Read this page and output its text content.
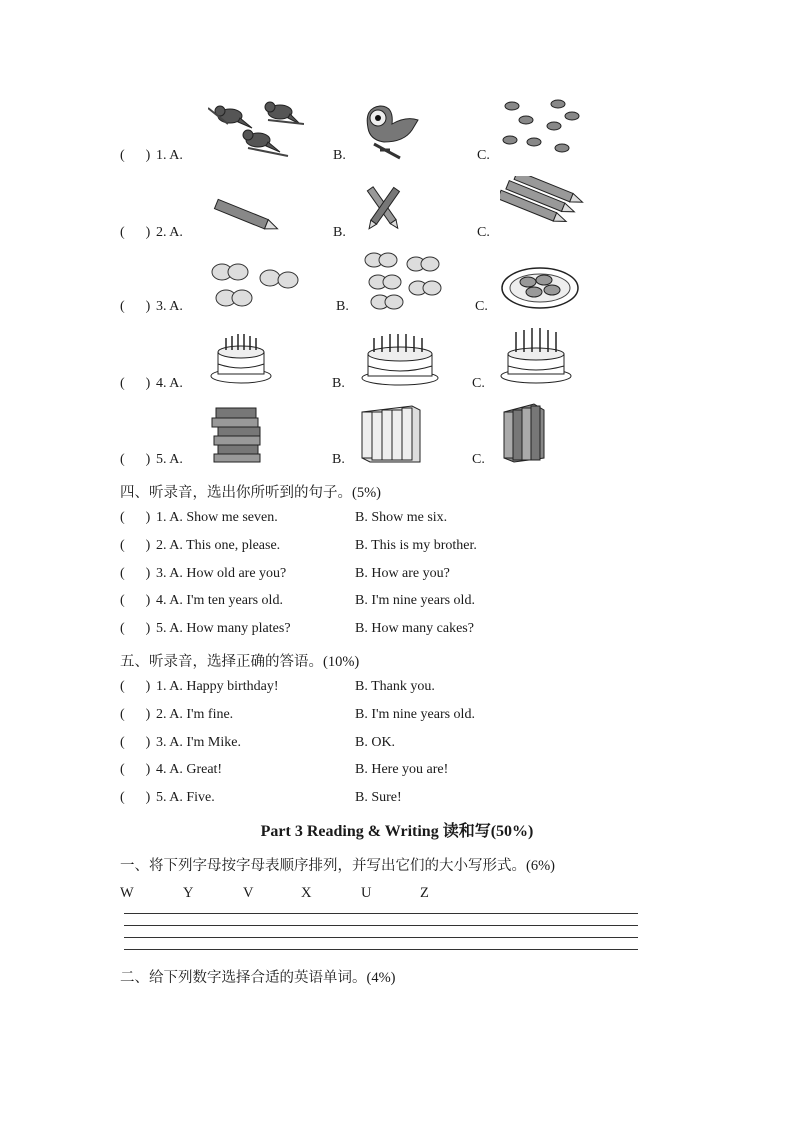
(      ) 1. A.	B.	C.
(      ) 2. A.	B.	C.
(      ) 3. A.	B.	C.
(      ) 4. A.	B.	C.
(      ) 5. A.	B.	C.
四、听录音，选出你所听到的句子。(5%)
(      ) 1. A. Show me seven.	B. Show me six.
(      ) 2. A. This one, please.	B. This is my brother.
(      ) 3. A. How old are you?	B. How are you?
(      ) 4. A. I'm ten years old.	B. I'm nine years old.
(      ) 5. A. How many plates?	B. How many cakes?
五、听录音，选择正确的答语。(10%)
(      ) 1. A. Happy birthday!	B. Thank you.
(      ) 2. A. I'm fine.	B. I'm nine years old.
(      ) 3. A. I'm Mike.	B. OK.
(      ) 4. A. Great!	B. Here you are!
(      ) 5. A. Five.	B. Sure!
Part 3 Reading & Writing 读和写(50%)
一、将下列字母按字母表顺序排列，并写出它们的大小写形式。(6%)
W	Y	V	X	U	Z
二、给下列数字选择合适的英语单词。(4%)
